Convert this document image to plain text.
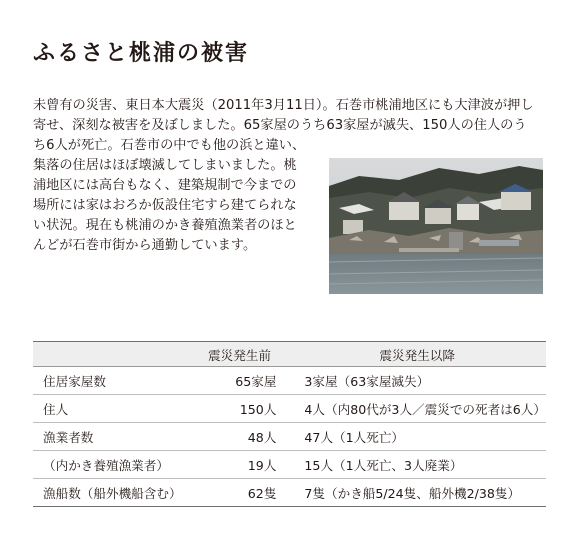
ふるさと桃浦の被害
未曾有の災害、東日本大震災（2011年3月11日）。石巻市桃浦地区にも大津波が押し
寄せ、深刻な被害を及ぼしました。65家屋のうち63家屋が滅失、150人の住人のう
ち6人が死亡。石巻市の中でも他の浜と違い、
集落の住居はほぼ壊滅してしまいました。桃
浦地区には高台もなく、建築規制で今までの
場所には家はおろか仮設住宅すら建てられな
い状況。現在も桃浦のかき養殖漁業者のほと
んどが石巻市街から通勤しています。
	震災発生前	震災発生以降
住居家屋数	65家屋	3家屋（63家屋滅失）
住人	150人	4人（内80代が3人／震災での死者は6人）
漁業者数	48人	47人（1人死亡）
（内かき養殖漁業者）	19人	15人（1人死亡、3人廃業）
漁船数（船外機船含む）	62隻	7隻（かき船5/24隻、船外機2/38隻）
